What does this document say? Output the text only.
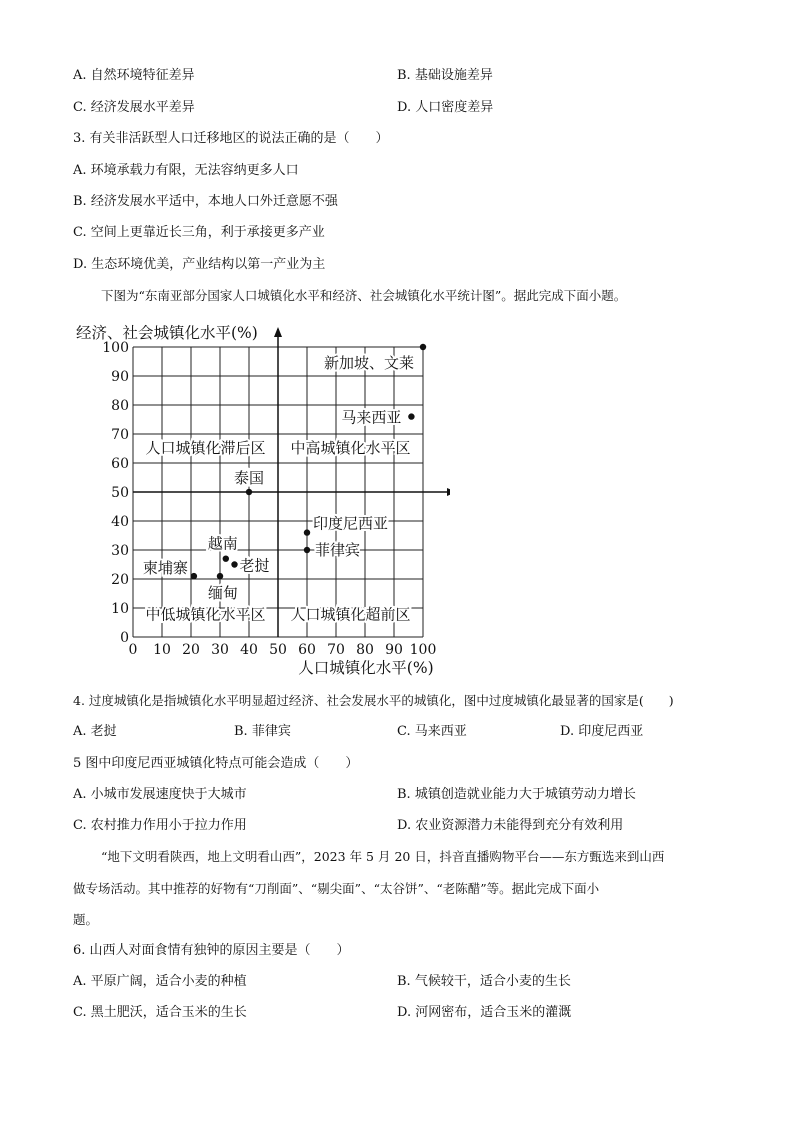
A. 自然环境特征差异	B. 基础设施差异
C. 经济发展水平差异	D. 人口密度差异
3. 有关非活跃型人口迁移地区的说法正确的是（　　）
A. 环境承载力有限，无法容纳更多人口
B. 经济发展水平适中，本地人口外迁意愿不强
C. 空间上更靠近长三角，利于承接更多产业
D. 生态环境优美，产业结构以第一产业为主
下图为“东南亚部分国家人口城镇化水平和经济、社会城镇化水平统计图”。据此完成下面小题。
0
10
20
30
40
50
60
70
80
90
100
0 10 20 30 40 50 60 70 80 90 100
经济、社会城镇化水平(%)
人口城镇化水平(%)
人口城镇化滞后区 中高城镇化水平区
中低城镇化水平区 人口城镇化超前区
新加坡、文莱
马来西亚
泰国
印度尼西亚
菲律宾
越南
老挝
缅甸
柬埔寨
4. 过度城镇化是指城镇化水平明显超过经济、社会发展水平的城镇化，图中过度城镇化最显著的国家是(　　)
A. 老挝	B. 菲律宾	C. 马来西亚	D. 印度尼西亚
5 图中印度尼西亚城镇化特点可能会造成（　　）
A. 小城市发展速度快于大城市	B. 城镇创造就业能力大于城镇劳动力增长
C. 农村推力作用小于拉力作用	D. 农业资源潜力未能得到充分有效利用
“地下文明看陕西，地上文明看山西”，2023 年 5 月 20 日，抖音直播购物平台——东方甄选来到山西
做专场活动。其中推荐的好物有“刀削面”、“剔尖面”、“太谷饼”、“老陈醋”等。据此完成下面小
题。
6. 山西人对面食情有独钟的原因主要是（　　）
A. 平原广阔，适合小麦的种植	B. 气候较干，适合小麦的生长
C. 黑土肥沃，适合玉米的生长	D. 河网密布，适合玉米的灌溉
